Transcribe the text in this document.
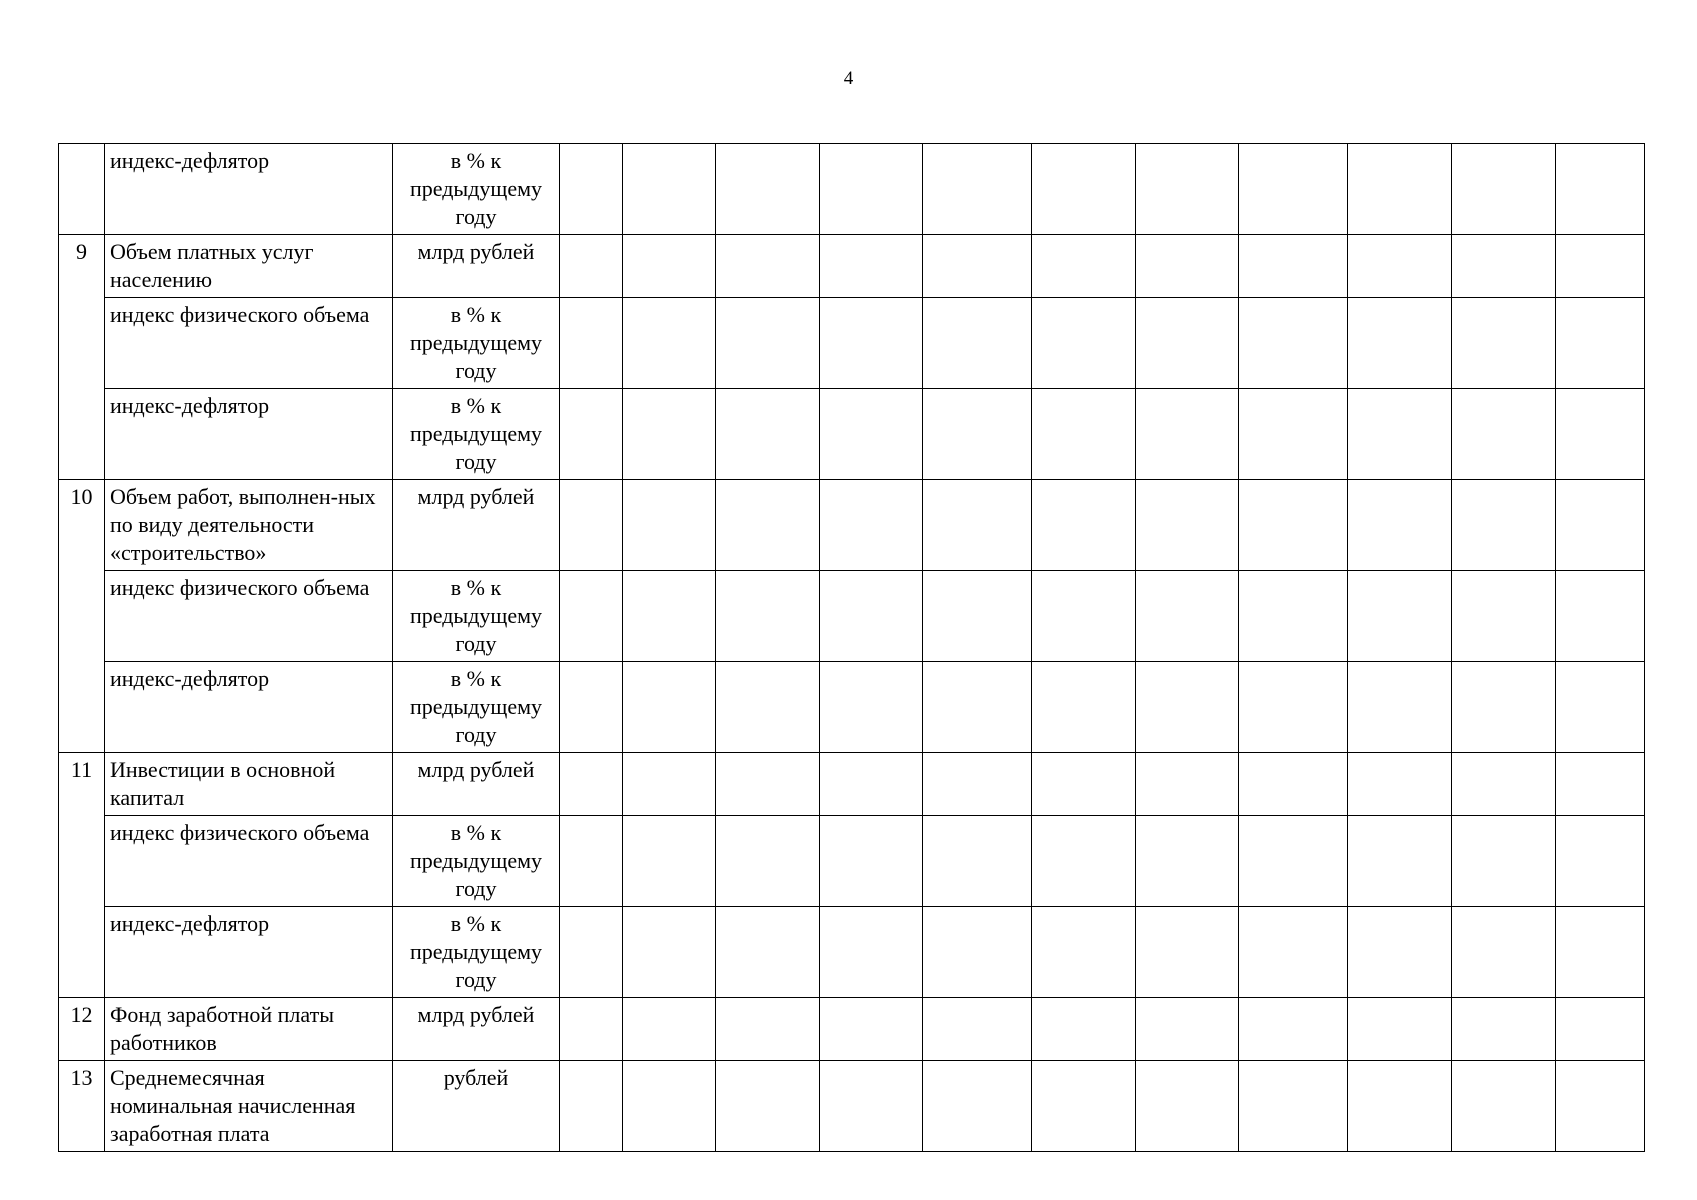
4
	индекс-дефлятор	в % к предыдущему году											
9	Объем платных услуг населению	млрд рублей											
	индекс физического объема	в % к предыдущему году											
	индекс-дефлятор	в % к предыдущему году											
10	Объем работ, выполнен-ных по виду деятельности «строительство»	млрд рублей											
	индекс физического объема	в % к предыдущему году											
	индекс-дефлятор	в % к предыдущему году											
11	Инвестиции в основной капитал	млрд рублей											
	индекс физического объема	в % к предыдущему году											
	индекс-дефлятор	в % к предыдущему году											
12	Фонд заработной платы работников	млрд рублей											
13	Среднемесячная номинальная начисленная заработная плата	рублей											
